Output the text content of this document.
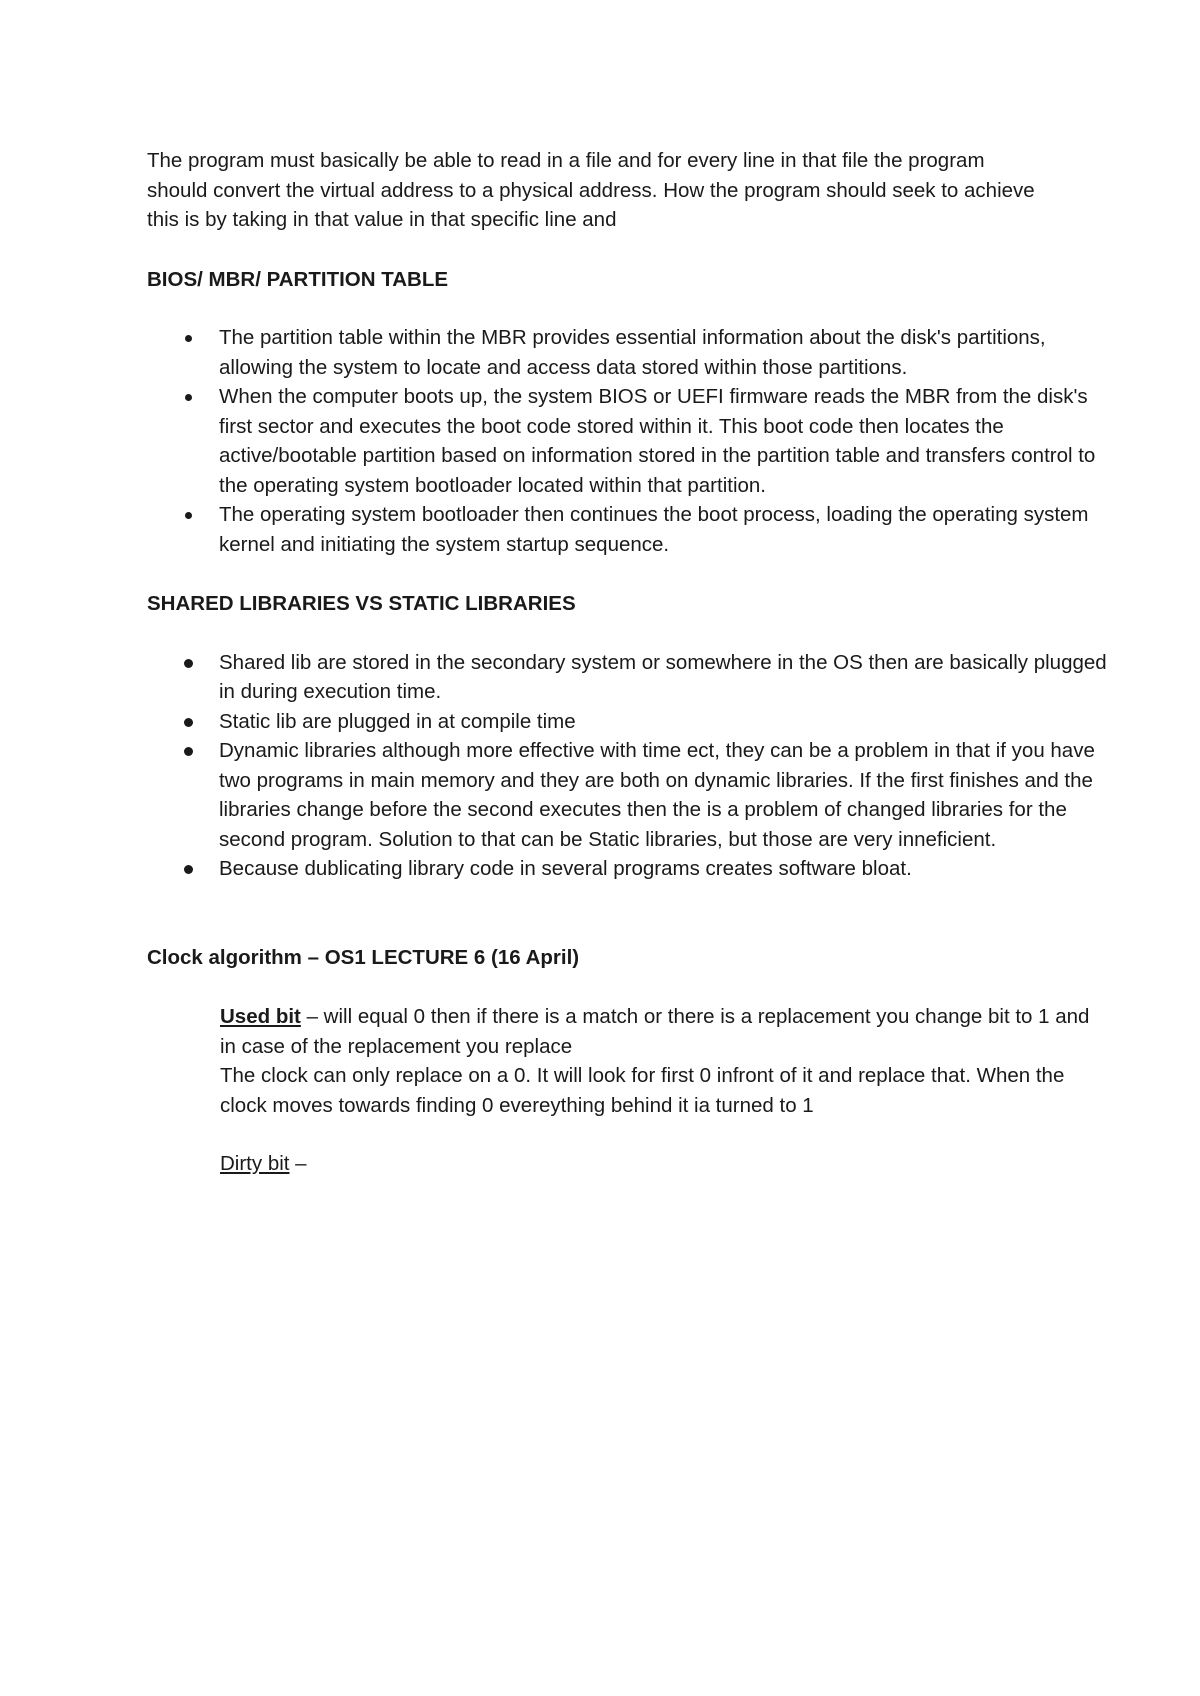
The program must basically be able to read in a file and for every line in that file the program should convert the virtual address to a physical address. How the program should seek to achieve this is by taking in that value in that specific line and

BIOS/ MBR/ PARTITION TABLE

The partition table within the MBR provides essential information about the disk's partitions, allowing the system to locate and access data stored within those partitions.
When the computer boots up, the system BIOS or UEFI firmware reads the MBR from the disk's first sector and executes the boot code stored within it. This boot code then locates the active/bootable partition based on information stored in the partition table and transfers control to the operating system bootloader located within that partition.
The operating system bootloader then continues the boot process, loading the operating system kernel and initiating the system startup sequence.

SHARED LIBRARIES VS STATIC LIBRARIES

Shared lib are stored in the secondary system or somewhere in the OS then are basically plugged in during execution time.
Static lib are plugged in at compile time
Dynamic libraries although more effective with time ect, they can be a problem in that if you have two programs in main memory and they are both on dynamic libraries. If the first finishes and the libraries change before the second executes then the is a problem of changed libraries for the second program. Solution to that can be Static libraries, but those are very inneficient.
Because dublicating library code in several programs creates software bloat.

Clock algorithm – OS1 LECTURE 6 (16 April)

Used bit – will equal 0 then if there is a match or there is a replacement you change bit to 1 and in case of the replacement you replace

The clock can only replace on a 0. It will look for first 0 infront of it and replace that. When the clock moves towards finding 0 evereything behind it ia turned to 1

Dirty bit –
